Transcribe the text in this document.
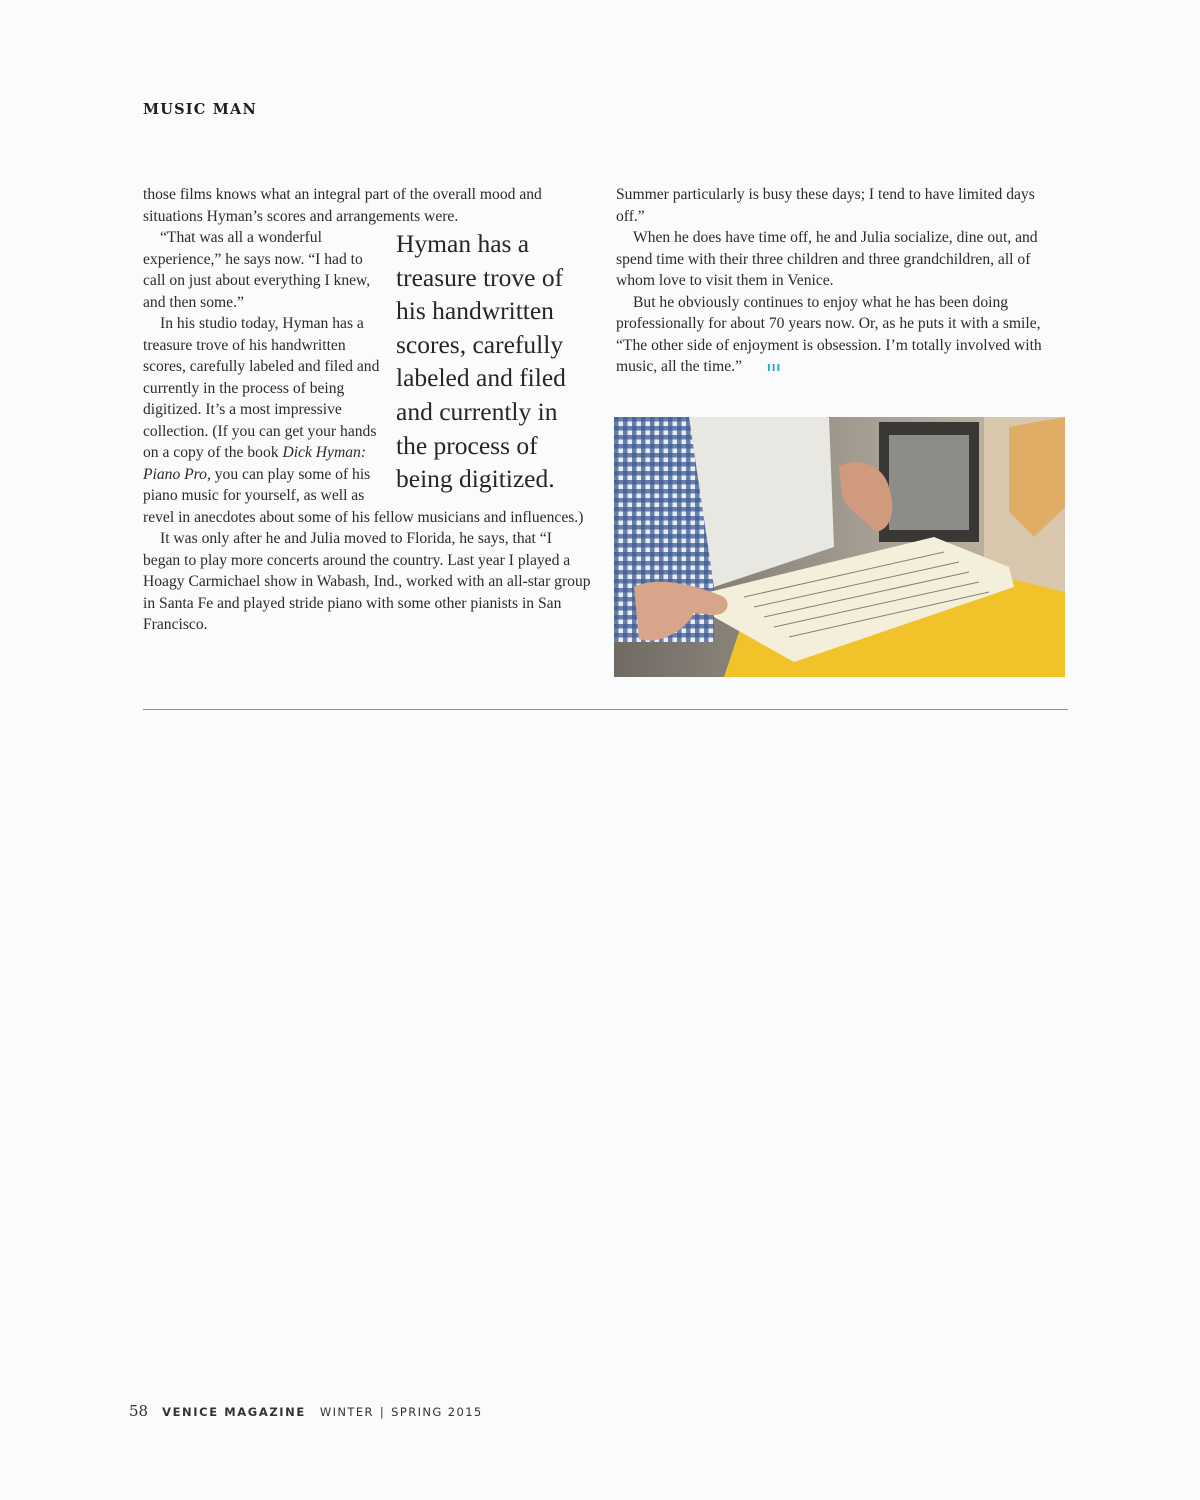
MUSIC MAN

those films knows what an integral part of the overall mood and situations Hyman’s scores and arrangements were.

Hyman has a treasure trove of his handwritten scores, carefully labeled and filed and currently in the process of being digitized.

“That was all a wonderful experience,” he says now. “I had to call on just about everything I knew, and then some.”

In his studio today, Hyman has a treasure trove of his handwritten scores, carefully labeled and filed and currently in the process of being digitized. It’s a most impressive collection. (If you can get your hands on a copy of the book Dick Hyman: Piano Pro, you can play some of his piano music for yourself, as well as revel in anecdotes about some of his fellow musicians and influences.)

It was only after he and Julia moved to Florida, he says, that “I began to play more concerts around the country. Last year I played a Hoagy Carmichael show in Wabash, Ind., worked with an all-star group in Santa Fe and played stride piano with some other pianists in San Francisco.

Summer particularly is busy these days; I tend to have limited days off.”

When he does have time off, he and Julia socialize, dine out, and spend time with their three children and three grandchildren, all of whom love to visit them in Venice.

But he obviously continues to enjoy what he has been doing professionally for about 70 years now. Or, as he puts it with a smile, “The other side of enjoyment is obsession. I’m totally involved with music, all the time.”	III

58 VENICE MAGAZINE WINTER | SPRING 2015
